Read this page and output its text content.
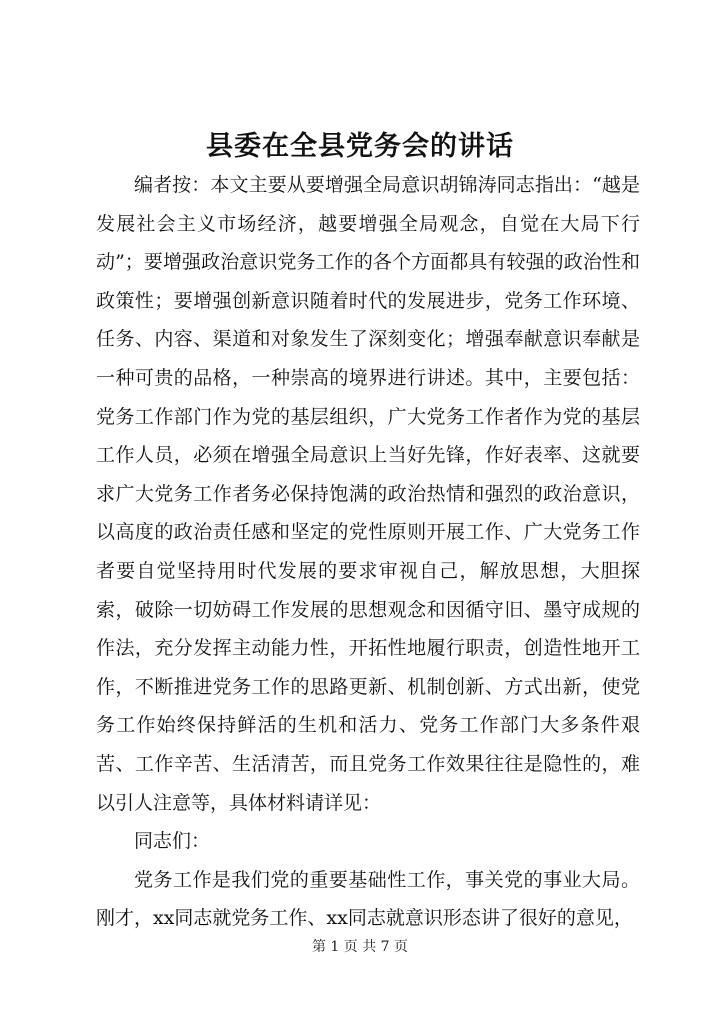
县委在全县党务会的讲话

编者按：本文主要从要增强全局意识胡锦涛同志指出：“越是发展社会主义市场经济，越要增强全局观念，自觉在大局下行动”；要增强政治意识党务工作的各个方面都具有较强的政治性和政策性；要增强创新意识随着时代的发展进步，党务工作环境、任务、内容、渠道和对象发生了深刻变化；增强奉献意识奉献是一种可贵的品格，一种崇高的境界进行讲述。其中，主要包括：党务工作部门作为党的基层组织，广大党务工作者作为党的基层工作人员，必须在增强全局意识上当好先锋，作好表率、这就要求广大党务工作者务必保持饱满的政治热情和强烈的政治意识，以高度的政治责任感和坚定的党性原则开展工作、广大党务工作者要自觉坚持用时代发展的要求审视自己，解放思想，大胆探索，破除一切妨碍工作发展的思想观念和因循守旧、墨守成规的作法，充分发挥主动能力性，开拓性地履行职责，创造性地开工作，不断推进党务工作的思路更新、机制创新、方式出新，使党务工作始终保持鲜活的生机和活力、党务工作部门大多条件艰苦、工作辛苦、生活清苦，而且党务工作效果往往是隐性的，难以引人注意等，具体材料请详见：

同志们：

党务工作是我们党的重要基础性工作，事关党的事业大局。刚才，xx同志就党务工作、xx同志就意识形态讲了很好的意见，

第 1 页 共 7 页
